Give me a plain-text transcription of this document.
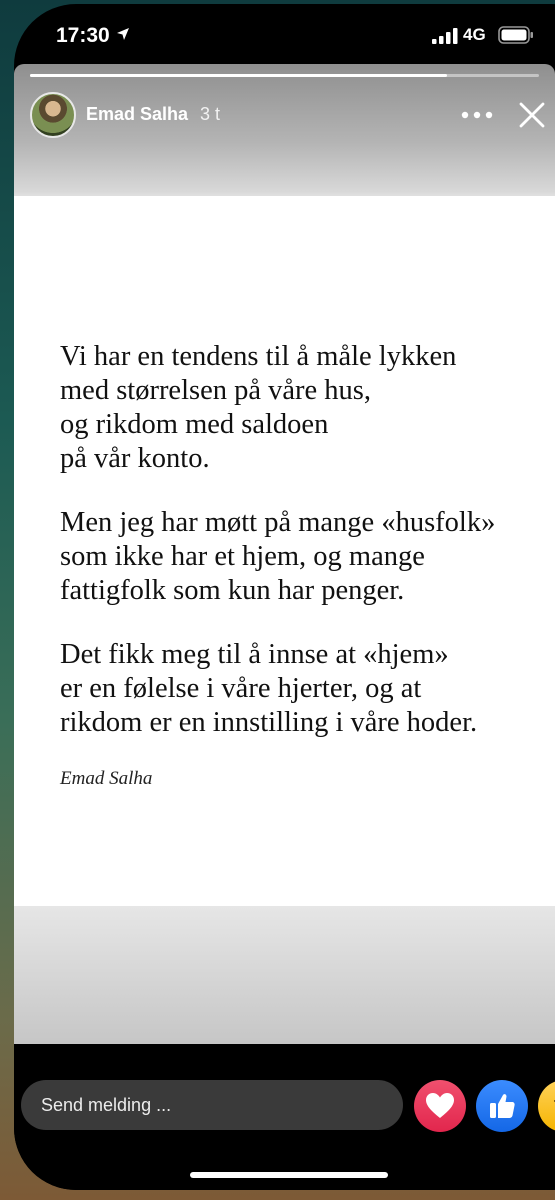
17:30	4G
Emad Salha 3 t

Vi har en tendens til å måle lykken
med størrelsen på våre hus,
og rikdom med saldoen
på vår konto.

Men jeg har møtt på mange «husfolk»
som ikke har et hjem, og mange
fattigfolk som kun har penger.

Det fikk meg til å innse at «hjem»
er en følelse i våre hjerter, og at
rikdom er en innstilling i våre hoder.

Emad Salha
Send melding ...
